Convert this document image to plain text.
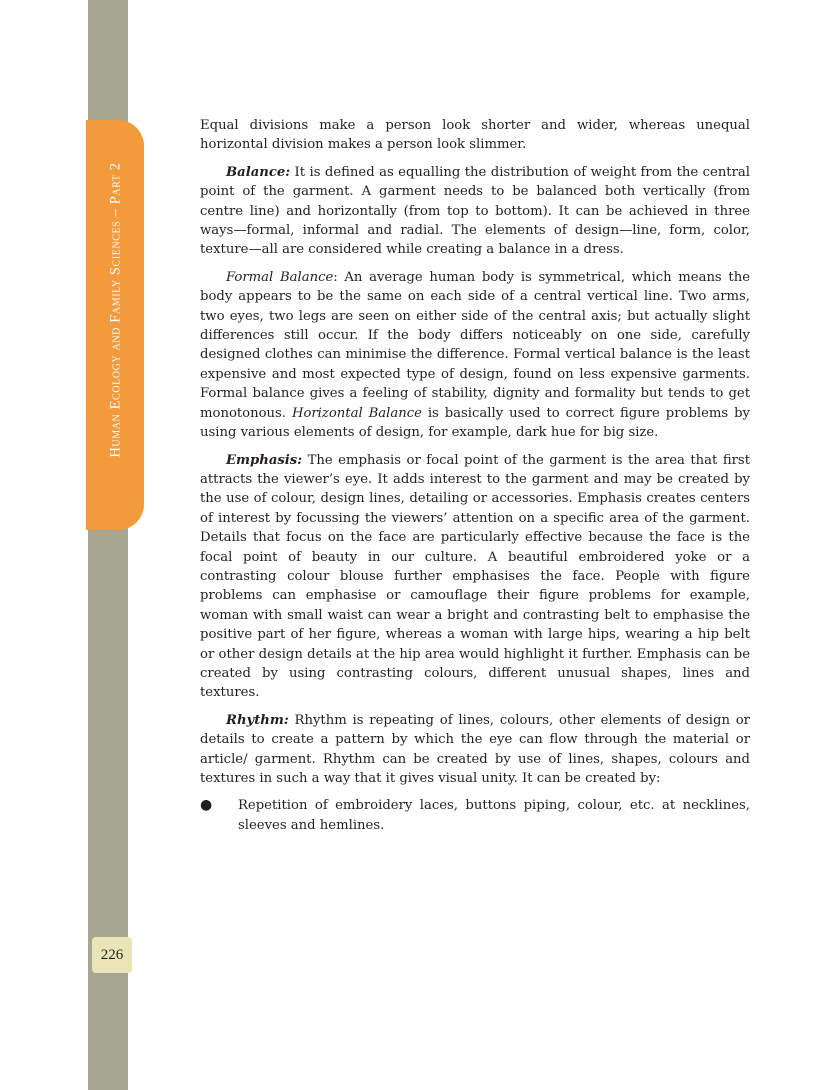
Human Ecology and Family Sciences – Part 2
226

Equal divisions make a person look shorter and wider, whereas unequal horizontal division makes a person look slimmer.

Balance: It is defined as equalling the distribution of weight from the central point of the garment. A garment needs to be balanced both vertically (from centre line) and horizontally (from top to bottom). It can be achieved in three ways—formal, informal and radial. The elements of design—line, form, color, texture—all are considered while creating a balance in a dress.

Formal Balance: An average human body is symmetrical, which means the body appears to be the same on each side of a central vertical line. Two arms, two eyes, two legs are seen on either side of the central axis; but actually slight differences still occur. If the body differs noticeably on one side, carefully designed clothes can minimise the difference. Formal vertical balance is the least expensive and most expected type of design, found on less expensive garments. Formal balance gives a feeling of stability, dignity and formality but tends to get monotonous. Horizontal Balance is basically used to correct figure problems by using various elements of design, for example, dark hue for big size.

Emphasis: The emphasis or focal point of the garment is the area that first attracts the viewer’s eye. It adds interest to the garment and may be created by the use of colour, design lines, detailing or accessories. Emphasis creates centers of interest by focussing the viewers’ attention on a specific area of the garment. Details that focus on the face are particularly effective because the face is the focal point of beauty in our culture. A beautiful embroidered yoke or a contrasting colour blouse further emphasises the face. People with figure problems can emphasise or camouflage their figure problems for example, woman with small waist can wear a bright and contrasting belt to emphasise the positive part of her figure, whereas a woman with large hips, wearing a hip belt or other design details at the hip area would highlight it further. Emphasis can be created by using contrasting colours, different unusual shapes, lines and textures.

Rhythm: Rhythm is repeating of lines, colours, other elements of design or details to create a pattern by which the eye can flow through the material or article/ garment. Rhythm can be created by use of lines, shapes, colours and textures in such a way that it gives visual unity. It can be created by:

● Repetition of embroidery laces, buttons piping, colour, etc. at necklines, sleeves and hemlines.
